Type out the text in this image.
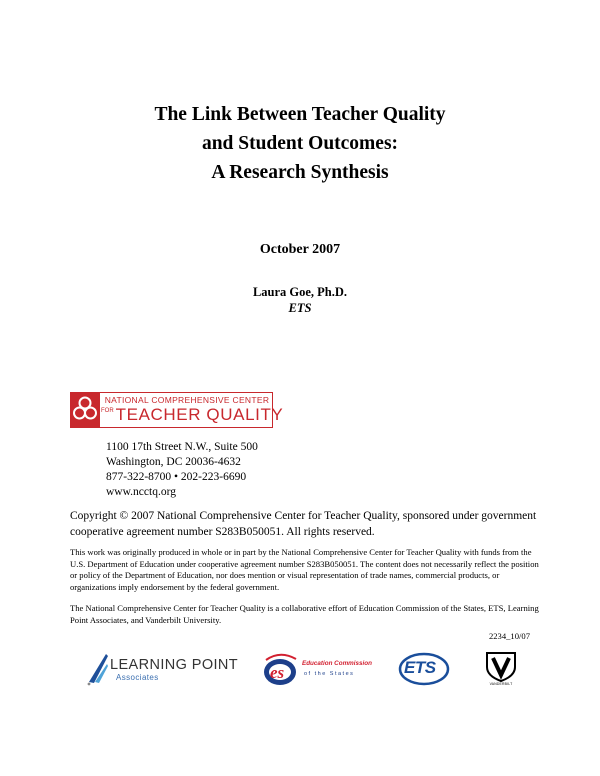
The Link Between Teacher Quality
and Student Outcomes:
A Research Synthesis
October 2007
Laura Goe, Ph.D.
ETS
NATIONAL COMPREHENSIVE CENTER
$^{FOR}$ TEACHER QUALITY
1100 17th Street N.W., Suite 500
Washington, DC 20036-4632
877-322-8700 • 202-223-6690
www.ncctq.org
Copyright © 2007 National Comprehensive Center for Teacher Quality, sponsored under government cooperative agreement number S283B050051. All rights reserved.
This work was originally produced in whole or in part by the National Comprehensive Center for Teacher Quality with funds from the U.S. Department of Education under cooperative agreement number S283B050051. The content does not necessarily reflect the position or policy of the Department of Education, nor does mention or visual representation of trade names, commercial products, or organizations imply endorsement by the federal government.
The National Comprehensive Center for Teacher Quality is a collaborative effort of Education Commission of the States, ETS, Learning Point Associates, and Vanderbilt University.
2234_10/07
LEARNING POINT
Associates	es	Education Commission
of the States	ETS
VANDERBILT
